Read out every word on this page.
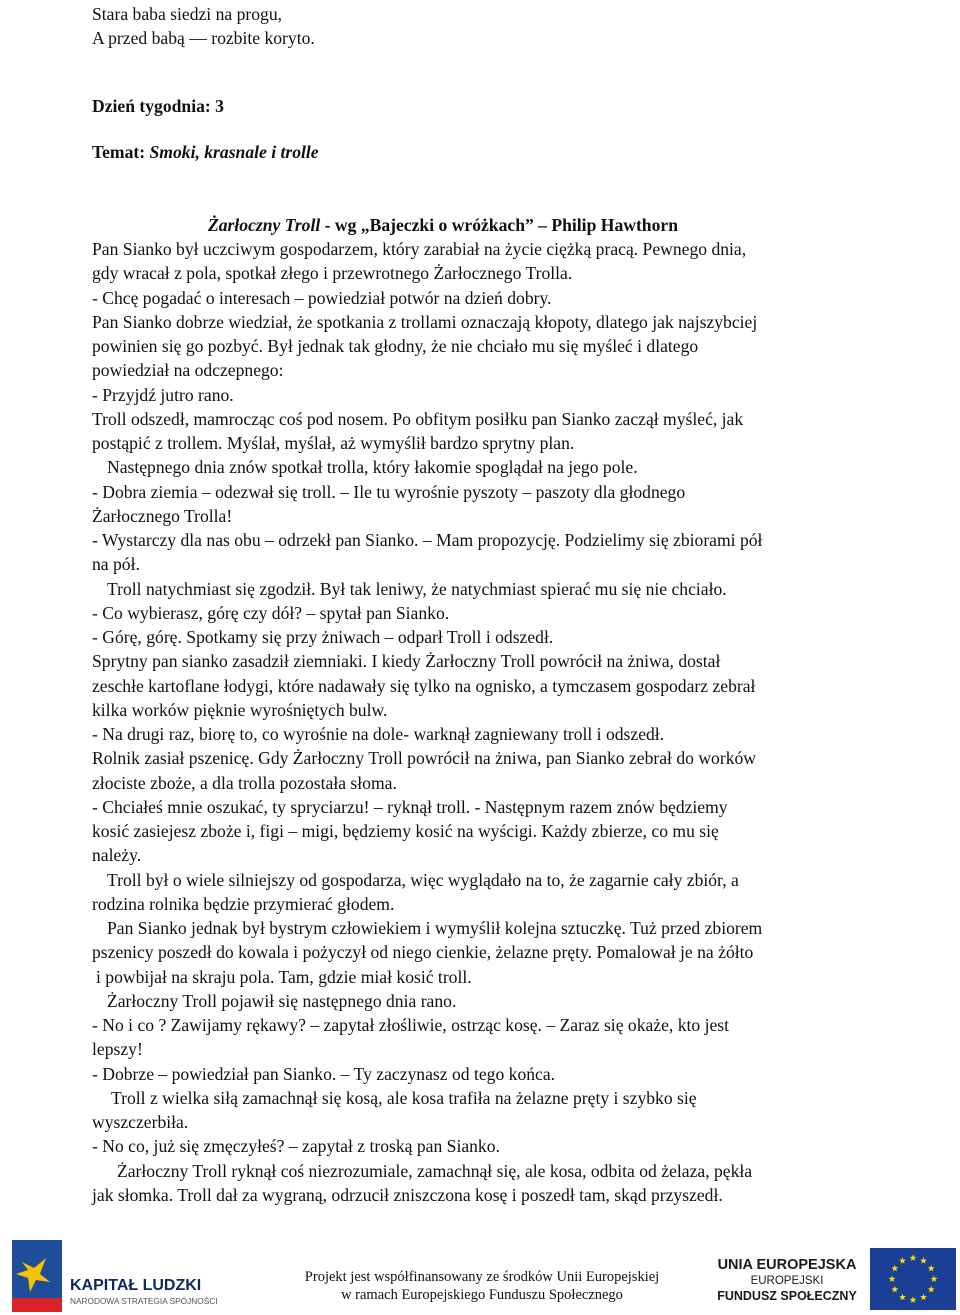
Stara baba siedzi na progu,
A przed babą — rozbite koryto.
Dzień tygodnia: 3
Temat: Smoki, krasnale i trolle
Żarłoczny Troll - wg „Bajeczki o wróżkach” – Philip Hawthorn
Pan Sianko był uczciwym gospodarzem, który zarabiał na życie ciężką pracą. Pewnego dnia,
gdy wracał z pola, spotkał złego i przewrotnego Żarłocznego Trolla.
- Chcę pogadać o interesach – powiedział potwór na dzień dobry.
Pan Sianko dobrze wiedział, że spotkania z trollami oznaczają kłopoty, dlatego jak najszybciej
powinien się go pozbyć. Był jednak tak głodny, że nie chciało mu się myśleć i dlatego
powiedział na odczepnego:
- Przyjdź jutro rano.
Troll odszedł, mamrocząc coś pod nosem. Po obfitym posiłku pan Sianko zaczął myśleć, jak
postąpić z trollem. Myślał, myślał, aż wymyślił bardzo sprytny plan.
Następnego dnia znów spotkał trolla, który łakomie spoglądał na jego pole.
- Dobra ziemia – odezwał się troll. – Ile tu wyrośnie pyszoty – paszoty dla głodnego
Żarłocznego Trolla!
- Wystarczy dla nas obu – odrzekł pan Sianko. – Mam propozycję. Podzielimy się zbiorami pół
na pół.
Troll natychmiast się zgodził. Był tak leniwy, że natychmiast spierać mu się nie chciało.
- Co wybierasz, górę czy dół? – spytał pan Sianko.
- Górę, górę. Spotkamy się przy żniwach – odparł Troll i odszedł.
Sprytny pan sianko zasadził ziemniaki. I kiedy Żarłoczny Troll powrócił na żniwa, dostał
zeschłe kartoflane łodygi, które nadawały się tylko na ognisko, a tymczasem gospodarz zebrał
kilka worków pięknie wyrośniętych bulw.
- Na drugi raz, biorę to, co wyrośnie na dole- warknął zagniewany troll i odszedł.
Rolnik zasiał pszenicę. Gdy Żarłoczny Troll powrócił na żniwa, pan Sianko zebrał do worków
złociste zboże, a dla trolla pozostała słoma.
- Chciałeś mnie oszukać, ty spryciarzu! – ryknął troll. - Następnym razem znów będziemy
kosić zasiejesz zboże i, figi – migi, będziemy kosić na wyścigi. Każdy zbierze, co mu się
należy.
Troll był o wiele silniejszy od gospodarza, więc wyglądało na to, że zagarnie cały zbiór, a
rodzina rolnika będzie przymierać głodem.
Pan Sianko jednak był bystrym człowiekiem i wymyślił kolejna sztuczkę. Tuż przed zbiorem
pszenicy poszedł do kowala i pożyczył od niego cienkie, żelazne pręty. Pomalował je na żółto
i powbijał na skraju pola. Tam, gdzie miał kosić troll.
Żarłoczny Troll pojawił się następnego dnia rano.
- No i co ? Zawijamy rękawy? – zapytał złośliwie, ostrząc kosę. – Zaraz się okaże, kto jest
lepszy!
- Dobrze – powiedział pan Sianko. – Ty zaczynasz od tego końca.
Troll z wielka siłą zamachnął się kosą, ale kosa trafiła na żelazne pręty i szybko się
wyszczerbiła.
- No co, już się zmęczyłeś? – zapytał z troską pan Sianko.
Żarłoczny Troll ryknął coś niezrozumiale, zamachnął się, ale kosa, odbita od żelaza, pękła
jak słomka. Troll dał za wygraną, odrzucił zniszczona kosę i poszedł tam, skąd przyszedł.
KAPITAŁ LUDZKI
NARODOWA STRATEGIA SPÓJNOŚCI
Projekt jest współfinansowany ze środków Unii Europejskiej
w ramach Europejskiego Funduszu Społecznego
UNIA EUROPEJSKA
EUROPEJSKI
FUNDUSZ SPOŁECZNY
